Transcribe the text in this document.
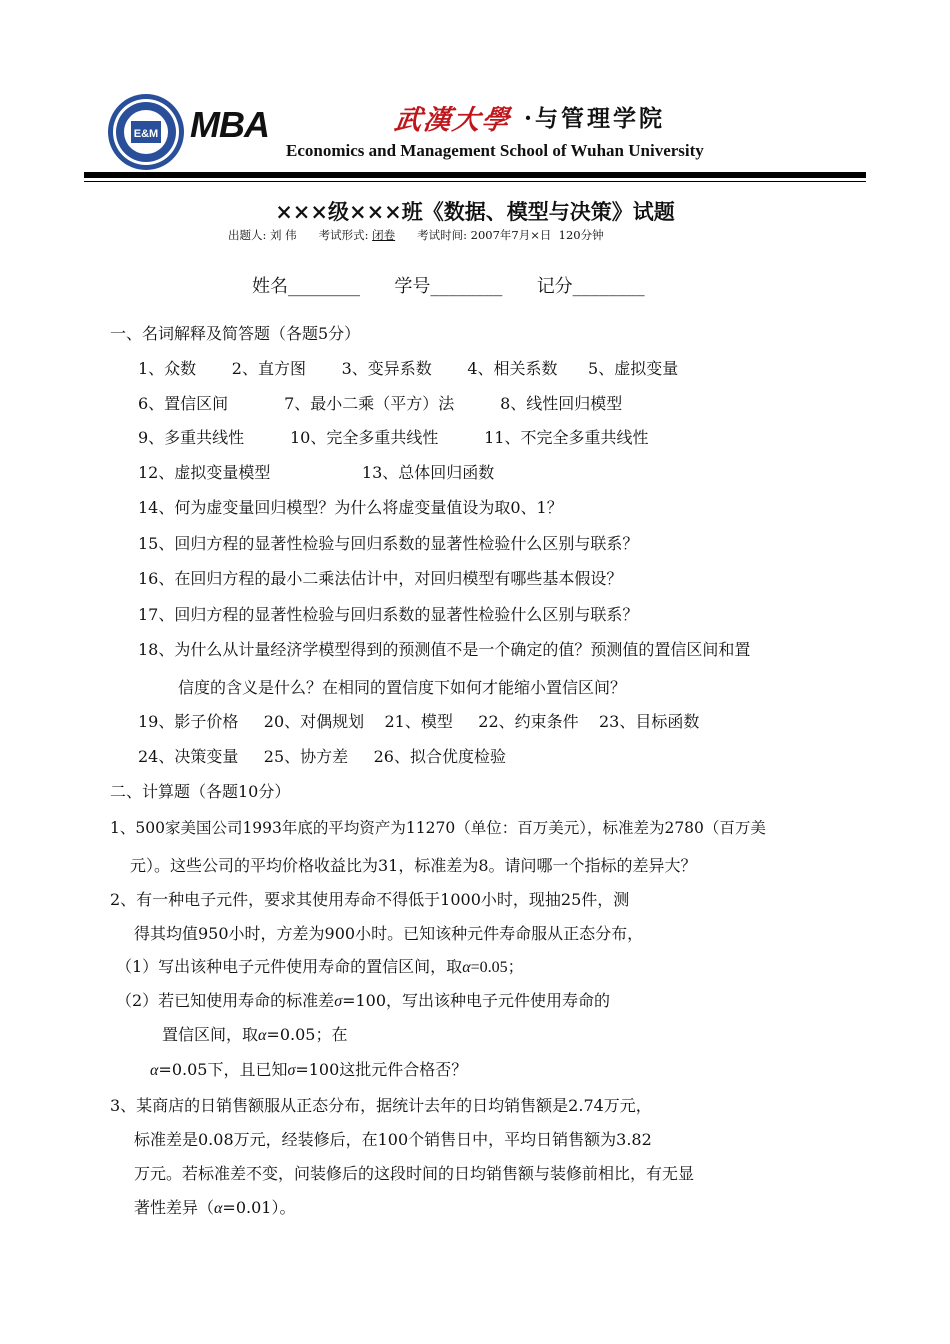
E&M MBA	武漢大學 ·与管理学院
Economics and Management School of Wuhan University
×××级×××班《数据、模型与决策》试题
出题人: 刘 伟 考试形式: 闭卷 考试时间: 2007年7月×日 120分钟
姓名________ 学号________ 记分________
一、名词解释及简答题（各题5分）
1、众数       2、直方图       3、变异系数       4、相关系数      5、虚拟变量
6、置信区间           7、最小二乘（平方）法         8、线性回归模型
9、多重共线性         10、完全多重共线性         11、不完全多重共线性
12、虚拟变量模型                  13、总体回归函数
14、何为虚变量回归模型？为什么将虚变量值设为取0、1？
15、回归方程的显著性检验与回归系数的显著性检验什么区别与联系？
16、在回归方程的最小二乘法估计中，对回归模型有哪些基本假设？
17、回归方程的显著性检验与回归系数的显著性检验什么区别与联系？
18、为什么从计量经济学模型得到的预测值不是一个确定的值？预测值的置信区间和置
信度的含义是什么？在相同的置信度下如何才能缩小置信区间？
19、影子价格     20、对偶规划    21、模型     22、约束条件    23、目标函数
24、决策变量     25、协方差     26、拟合优度检验
二、计算题（各题10分）
1、500家美国公司1993年底的平均资产为11270（单位：百万美元），标准差为2780（百万美
元）。这些公司的平均价格收益比为31，标准差为8。请问哪一个指标的差异大？
2、有一种电子元件，要求其使用寿命不得低于1000小时，现抽25件，测
得其均值950小时，方差为900小时。已知该种元件寿命服从正态分布，
（1）写出该种电子元件使用寿命的置信区间，取α=0.05；
（2）若已知使用寿命的标准差σ=100，写出该种电子元件使用寿命的
置信区间，取α=0.05；在
α=0.05下，且已知σ=100这批元件合格否？
3、某商店的日销售额服从正态分布，据统计去年的日均销售额是2.74万元，
标准差是0.08万元，经装修后，在100个销售日中，平均日销售额为3.82
万元。若标准差不变，问装修后的这段时间的日均销售额与装修前相比，有无显
著性差异（α=0.01）。
